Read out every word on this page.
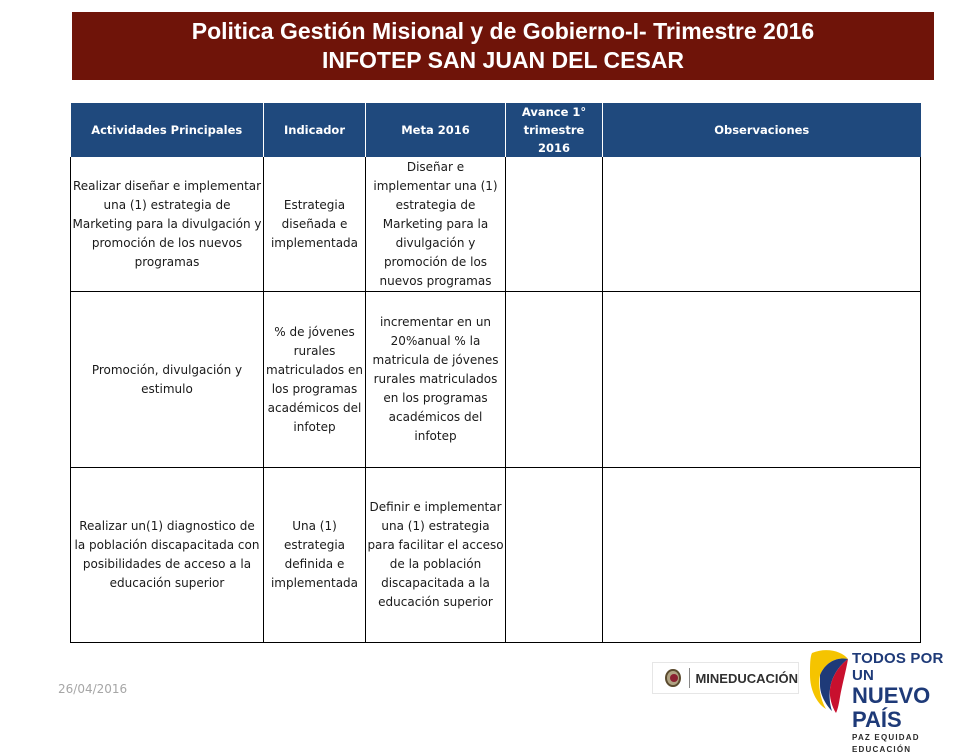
Politica Gestión Misional y de Gobierno-I- Trimestre 2016
INFOTEP SAN JUAN DEL CESAR
Actividades Principales	Indicador	Meta 2016	Avance 1° trimestre 2016	Observaciones
Realizar diseñar e implementar una (1) estrategia de Marketing para la divulgación y promoción de los nuevos programas	Estrategia diseñada e implementada	Diseñar e implementar una (1) estrategia de Marketing para la divulgación y promoción de los nuevos programas		
Promoción, divulgación y estimulo	% de jóvenes rurales matriculados en los programas académicos del infotep	incrementar en un 20%anual % la matricula de jóvenes rurales matriculados en los programas académicos del infotep		
Realizar un(1) diagnostico de la población discapacitada con posibilidades de acceso a la educación superior	Una (1) estrategia definida e implementada	Definir e implementar una (1) estrategia para facilitar el acceso de la población discapacitada a la educación superior		
26/04/2016
MINEDUCACIÓN
TODOS POR UN
NUEVO PAÍS
PAZ EQUIDAD EDUCACIÓN
